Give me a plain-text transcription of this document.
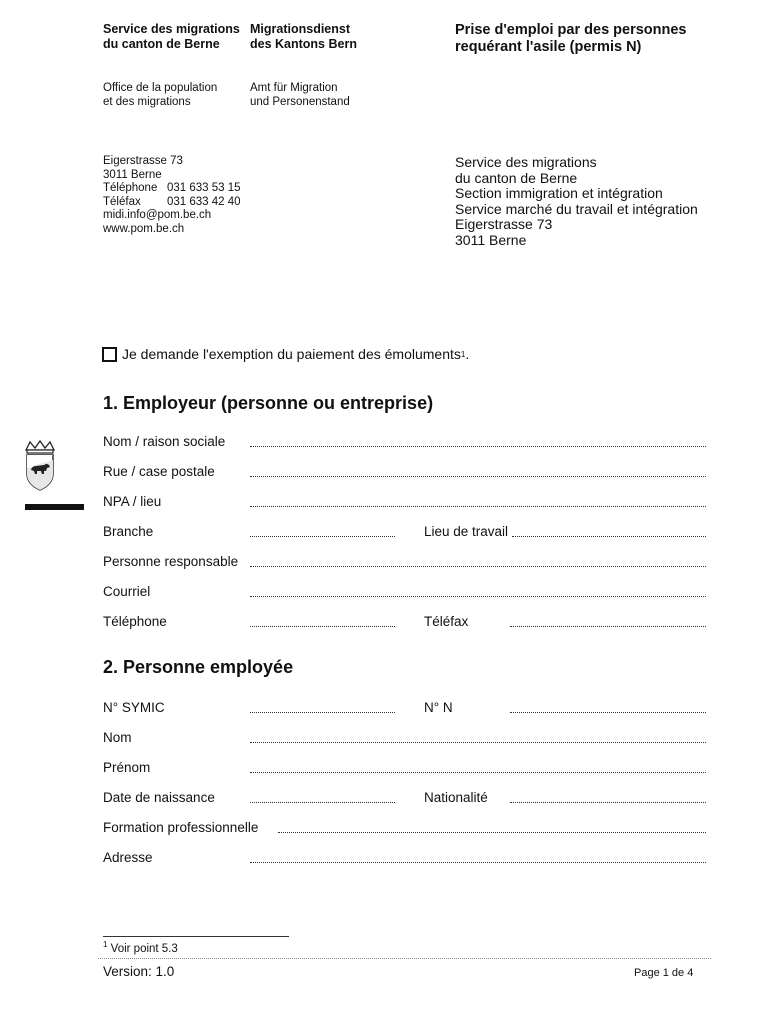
Service des migrations
du canton de Berne
Migrationsdienst
des Kantons Bern
Prise d'emploi par des personnes
requérant l'asile (permis N)
Office de la population
et des migrations
Amt für Migration
und Personenstand
Eigerstrasse 73
3011 Berne
Téléphone 031 633 53 15
Téléfax 031 633 42 40
midi.info@pom.be.ch
www.pom.be.ch
Service des migrations
du canton de Berne
Section immigration et intégration
Service marché du travail et intégration
Eigerstrasse 73
3011 Berne
Je demande l'exemption du paiement des émoluments 1 .
1. Employeur (personne ou entreprise)
Nom / raison sociale
Rue / case postale
NPA / lieu
Branche	Lieu de travail
Personne responsable
Courriel
Téléphone	Téléfax
2. Personne employée
N° SYMIC	N° N
Nom
Prénom
Date de naissance	Nationalité
Formation professionnelle
Adresse
$^1$ Voir point 5.3
Version: 1.0	Page 1 de 4
